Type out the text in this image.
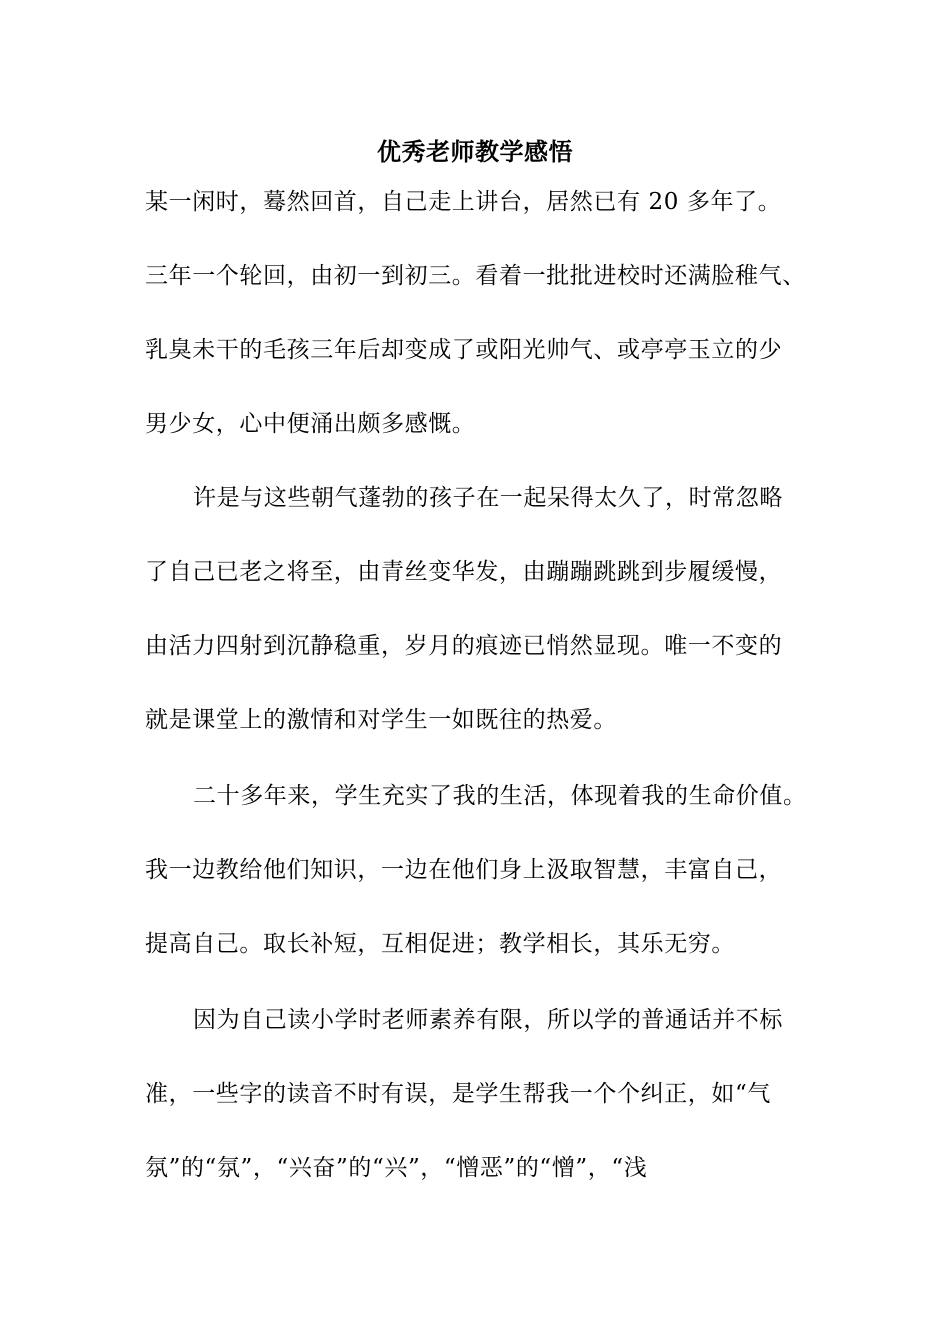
优秀老师教学感悟
某一闲时，蓦然回首，自己走上讲台，居然已有 20 多年了。
三年一个轮回，由初一到初三。看着一批批进校时还满脸稚气、
乳臭未干的毛孩三年后却变成了或阳光帅气、或亭亭玉立的少
男少女，心中便涌出颇多感慨。
许是与这些朝气蓬勃的孩子在一起呆得太久了，时常忽略
了自己已老之将至，由青丝变华发，由蹦蹦跳跳到步履缓慢，
由活力四射到沉静稳重，岁月的痕迹已悄然显现。唯一不变的
就是课堂上的激情和对学生一如既往的热爱。
二十多年来，学生充实了我的生活，体现着我的生命价值。
我一边教给他们知识，一边在他们身上汲取智慧，丰富自己，
提高自己。取长补短，互相促进；教学相长，其乐无穷。
因为自己读小学时老师素养有限，所以学的普通话并不标
准，一些字的读音不时有误，是学生帮我一个个纠正，如“气
氛”的“氛”，“兴奋”的“兴”，“憎恶”的“憎”，“浅
